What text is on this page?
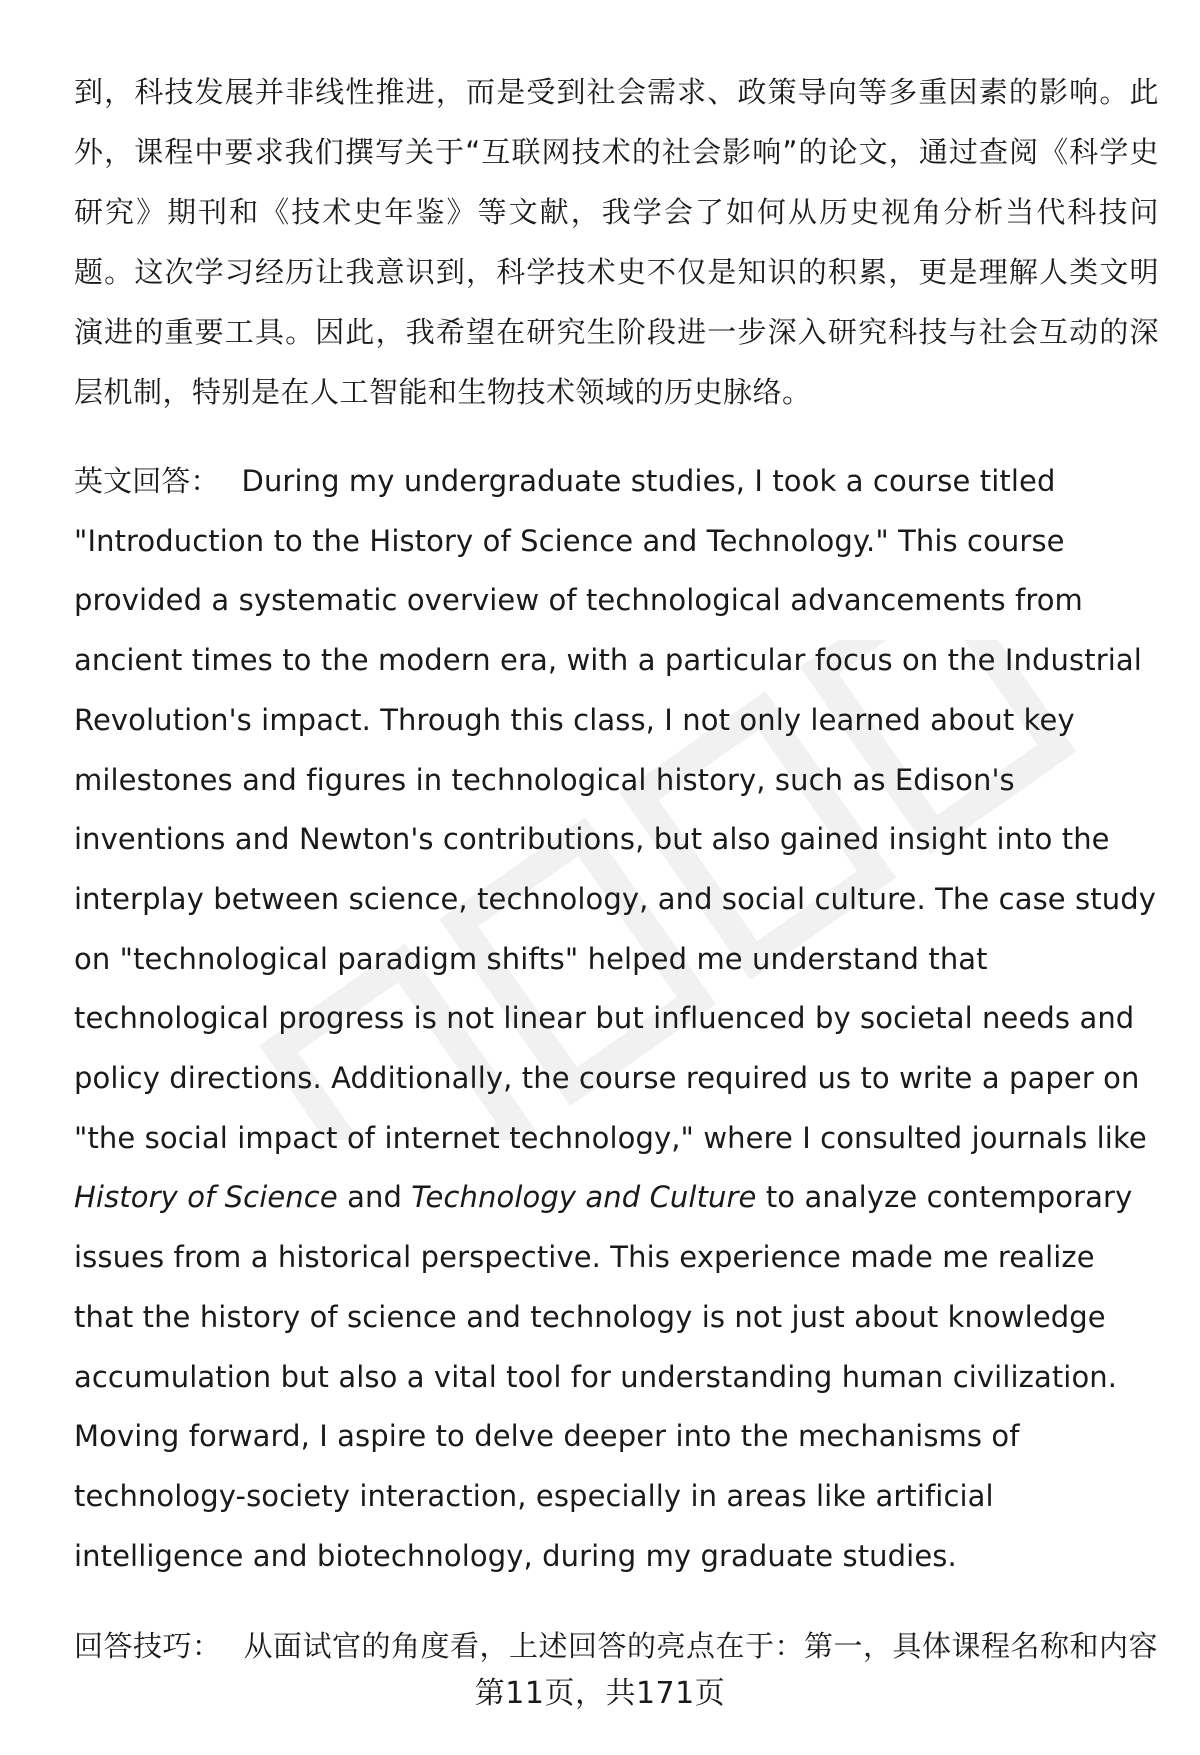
到，科技发展并非线性推进，而是受到社会需求、政策导向等多重因素的影响。此外，课程中要求我们撰写关于“互联网技术的社会影响”的论文，通过查阅《科学史研究》期刊和《技术史年鉴》等文献，我学会了如何从历史视角分析当代科技问题。这次学习经历让我意识到，科学技术史不仅是知识的积累，更是理解人类文明演进的重要工具。因此，我希望在研究生阶段进一步深入研究科技与社会互动的深层机制，特别是在人工智能和生物技术领域的历史脉络。

英文回答： During my undergraduate studies, I took a course titled "Introduction to the History of Science and Technology." This course provided a systematic overview of technological advancements from ancient times to the modern era, with a particular focus on the Industrial Revolution's impact. Through this class, I not only learned about key milestones and figures in technological history, such as Edison's inventions and Newton's contributions, but also gained insight into the interplay between science, technology, and social culture. The case study on "technological paradigm shifts" helped me understand that technological progress is not linear but influenced by societal needs and policy directions. Additionally, the course required us to write a paper on "the social impact of internet technology," where I consulted journals like History of Science and Technology and Culture to analyze contemporary issues from a historical perspective. This experience made me realize that the history of science and technology is not just about knowledge accumulation but also a vital tool for understanding human civilization. Moving forward, I aspire to delve deeper into the mechanisms of technology-society interaction, especially in areas like artificial intelligence and biotechnology, during my graduate studies.

回答技巧： 从面试官的角度看，上述回答的亮点在于：第一，具体课程名称和内容

第11页，共171页
